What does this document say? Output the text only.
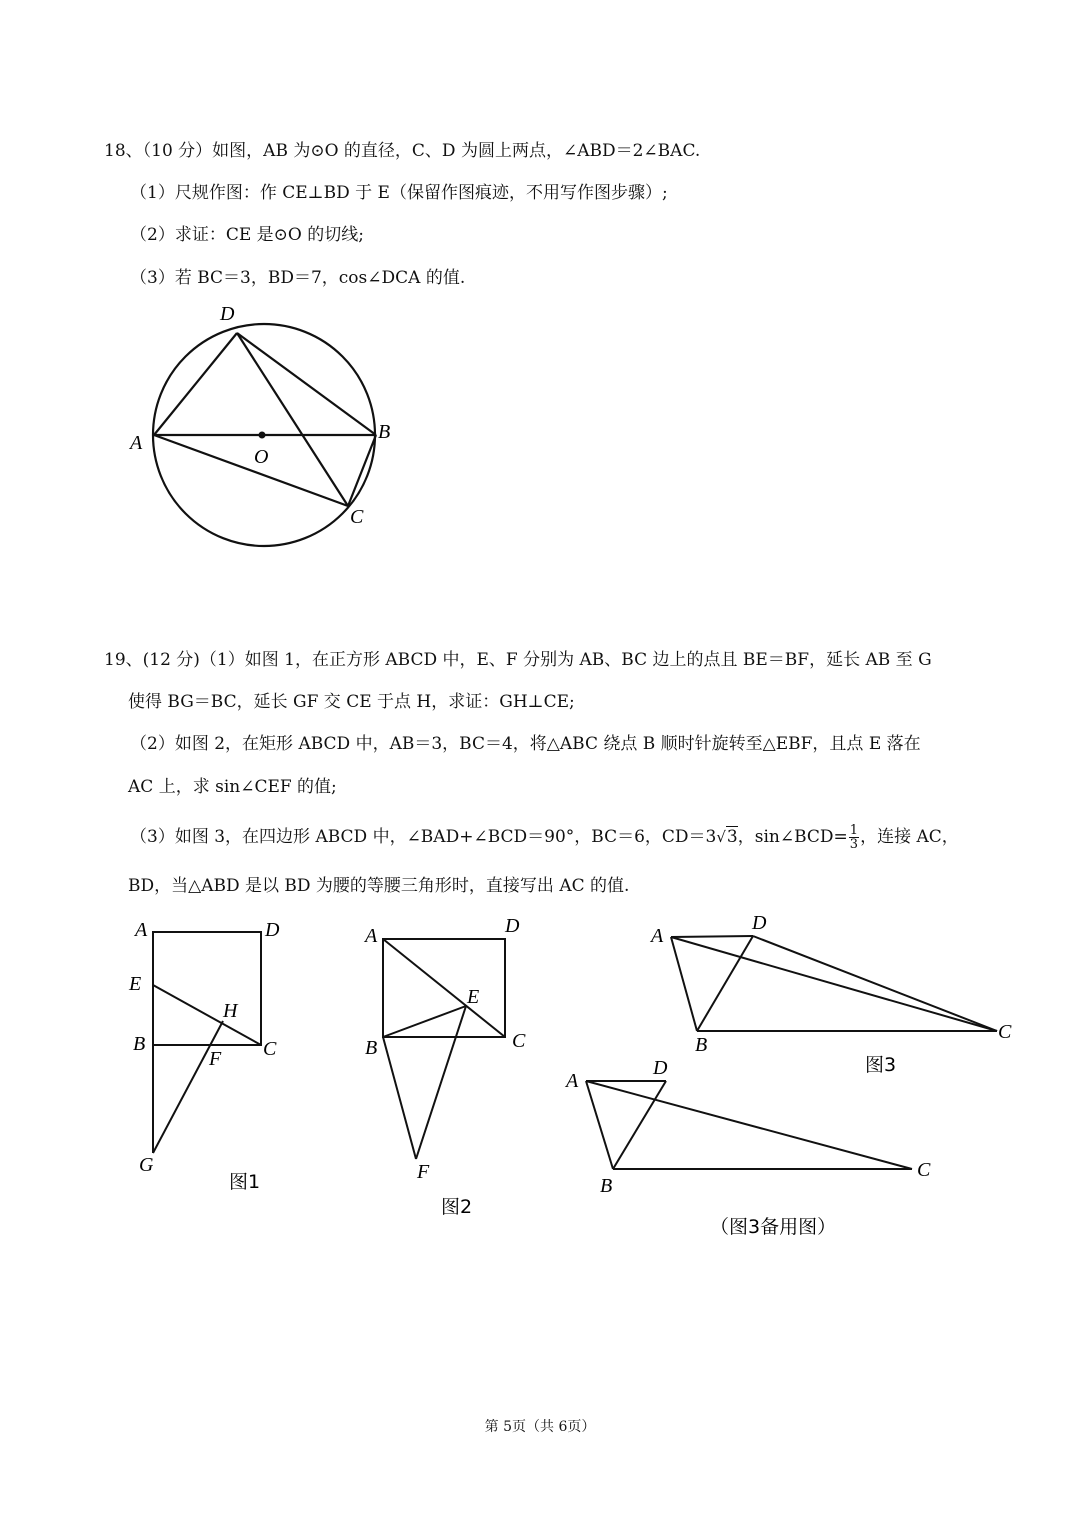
18、（10 分）如图，AB 为⊙O 的直径，C、D 为圆上两点，∠ABD＝2∠BAC.
（1）尺规作图：作 CE⊥BD 于 E（保留作图痕迹，不用写作图步骤）;
（2）求证：CE 是⊙O 的切线;
（3）若 BC＝3，BD＝7，cos∠DCA 的值.
D
A	B
O
C
19、(12 分)（1）如图 1，在正方形 ABCD 中，E、F 分别为 AB、BC 边上的点且 BE＝BF，延长 AB 至 G
使得 BG＝BC，延长 GF 交 CE 于点 H，求证：GH⊥CE;
（2）如图 2，在矩形 ABCD 中，AB＝3，BC＝4，将△ABC 绕点 B 顺时针旋转至△EBF，且点 E 落在
AC 上，求 sin∠CEF 的值;
（3）如图 3，在四边形 ABCD 中，∠BAD+∠BCD＝90°，BC＝6，CD＝3√3，sin∠BCD= $\frac{1}{3}$ ，连接 AC，
BD，当△ABD 是以 BD 为腰的等腰三角形时，直接写出 AC 的值.
A	D
E
H
B	C
F
G
图1
A	D
E
B	C
F
图2
A
D
B
C
图3
A
D
B
C
（图3备用图）
第 5页（共 6页）
